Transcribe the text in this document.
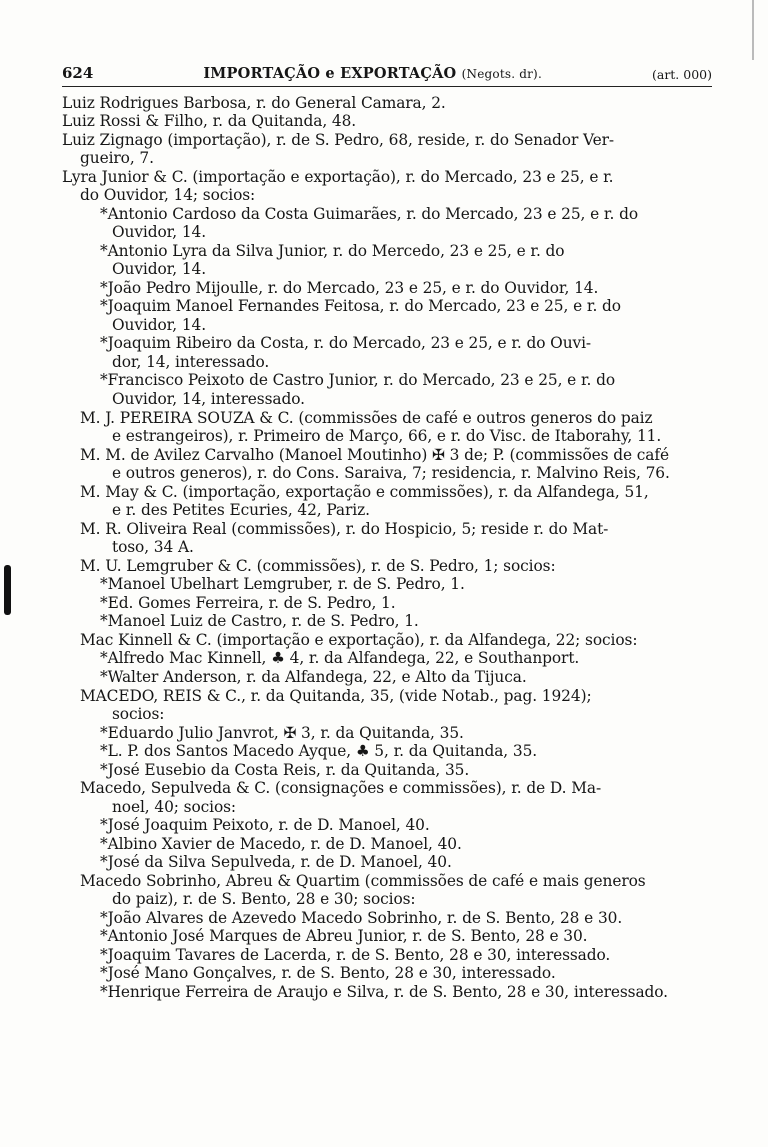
624	IMPORTAÇÃO e EXPORTAÇÃO (Negots. dr).	(art. 000)
Luiz Rodrigues Barbosa, r. do General Camara, 2.
Luiz Rossi & Filho, r. da Quitanda, 48.
Luiz Zignago (importação), r. de S. Pedro, 68, reside, r. do Senador Ver-
gueiro, 7.
Lyra Junior & C. (importação e exportação), r. do Mercado, 23 e 25, e r.
do Ouvidor, 14; socios:
*Antonio Cardoso da Costa Guimarães, r. do Mercado, 23 e 25, e r. do
Ouvidor, 14.
*Antonio Lyra da Silva Junior, r. do Mercedo, 23 e 25, e r. do
Ouvidor, 14.
*João Pedro Mijoulle, r. do Mercado, 23 e 25, e r. do Ouvidor, 14.
*Joaquim Manoel Fernandes Feitosa, r. do Mercado, 23 e 25, e r. do
Ouvidor, 14.
*Joaquim Ribeiro da Costa, r. do Mercado, 23 e 25, e r. do Ouvi-
dor, 14, interessado.
*Francisco Peixoto de Castro Junior, r. do Mercado, 23 e 25, e r. do
Ouvidor, 14, interessado.
M. J. PEREIRA SOUZA & C. (commissões de café e outros generos do paiz
e estrangeiros), r. Primeiro de Março, 66, e r. do Visc. de Itaborahy, 11.
M. M. de Avilez Carvalho (Manoel Moutinho) ✠ 3 de; P. (commissões de café
e outros generos), r. do Cons. Saraiva, 7; residencia, r. Malvino Reis, 76.
M. May & C. (importação, exportação e commissões), r. da Alfandega, 51,
e r. des Petites Ecuries, 42, Pariz.
M. R. Oliveira Real (commissões), r. do Hospicio, 5; reside r. do Mat-
toso, 34 A.
M. U. Lemgruber & C. (commissões), r. de S. Pedro, 1; socios:
*Manoel Ubelhart Lemgruber, r. de S. Pedro, 1.
*Ed. Gomes Ferreira, r. de S. Pedro, 1.
*Manoel Luiz de Castro, r. de S. Pedro, 1.
Mac Kinnell & C. (importação e exportação), r. da Alfandega, 22; socios:
*Alfredo Mac Kinnell, ♣ 4, r. da Alfandega, 22, e Southanport.
*Walter Anderson, r. da Alfandega, 22, e Alto da Tijuca.
MACEDO, REIS & C., r. da Quitanda, 35, (vide Notab., pag. 1924);
socios:
*Eduardo Julio Janvrot, ✠ 3, r. da Quitanda, 35.
*L. P. dos Santos Macedo Ayque, ♣ 5, r. da Quitanda, 35.
*José Eusebio da Costa Reis, r. da Quitanda, 35.
Macedo, Sepulveda & C. (consignações e commissões), r. de D. Ma-
noel, 40; socios:
*José Joaquim Peixoto, r. de D. Manoel, 40.
*Albino Xavier de Macedo, r. de D. Manoel, 40.
*José da Silva Sepulveda, r. de D. Manoel, 40.
Macedo Sobrinho, Abreu & Quartim (commissões de café e mais generos
do paiz), r. de S. Bento, 28 e 30; socios:
*João Alvares de Azevedo Macedo Sobrinho, r. de S. Bento, 28 e 30.
*Antonio José Marques de Abreu Junior, r. de S. Bento, 28 e 30.
*Joaquim Tavares de Lacerda, r. de S. Bento, 28 e 30, interessado.
*José Mano Gonçalves, r. de S. Bento, 28 e 30, interessado.
*Henrique Ferreira de Araujo e Silva, r. de S. Bento, 28 e 30, interessado.
